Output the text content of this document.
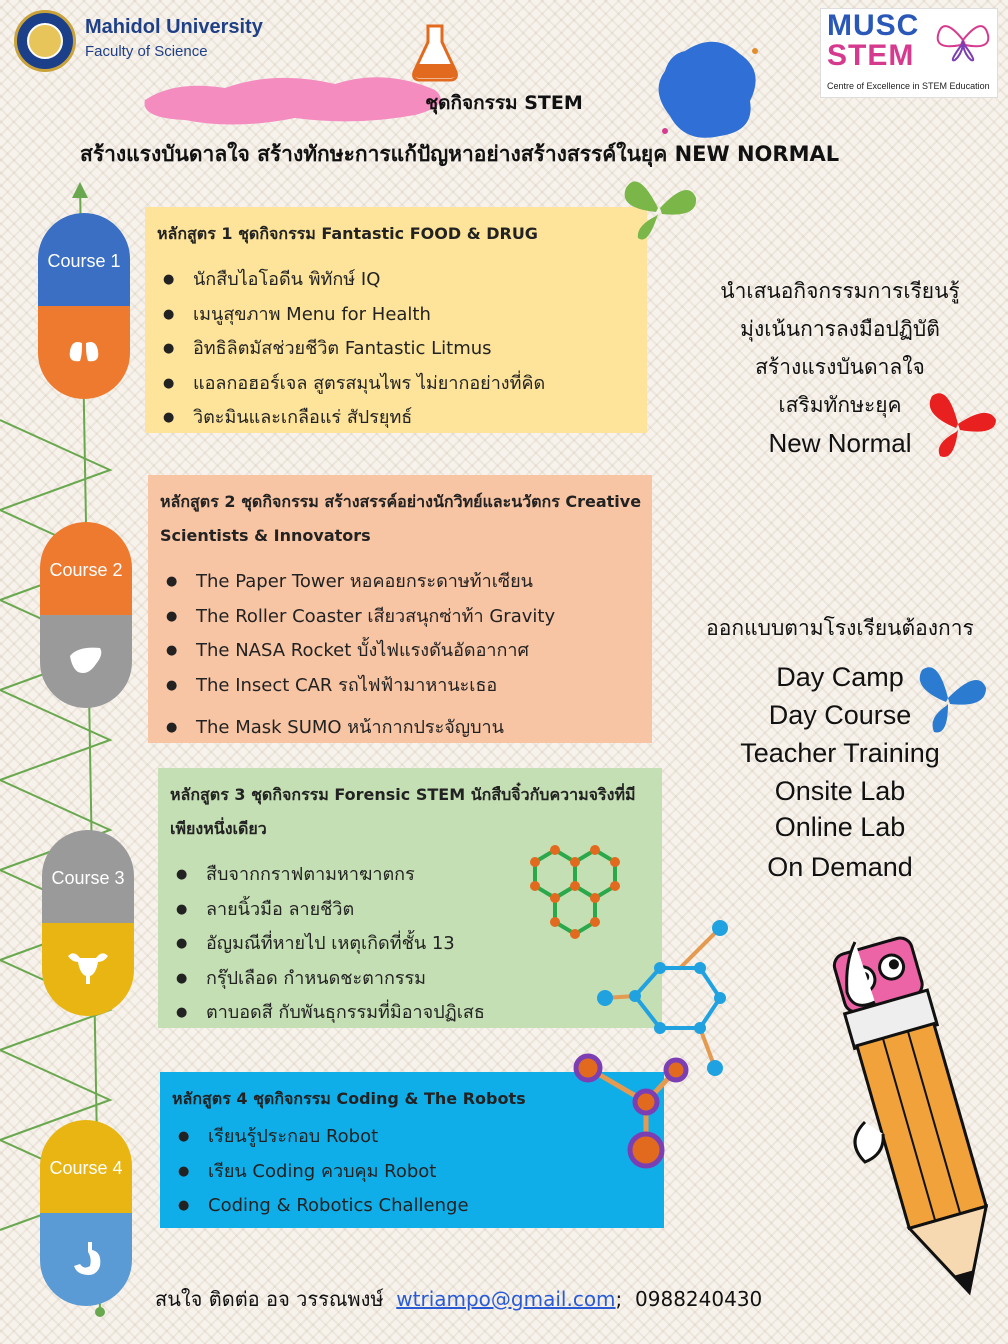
Mahidol University
Faculty of Science
MUSC
STEM
Centre of Excellence in STEM Education
ชุดกิจกรรม STEM
สร้างแรงบันดาลใจ สร้างทักษะการแก้ปัญหาอย่างสร้างสรรค์ในยุค NEW NORMAL
Course 1
Course 2
Course 3
Course 4
หลักสูตร 1 ชุดกิจกรรม Fantastic FOOD & DRUG
● นักสืบไอโอดีน พิทักษ์ IQ
● เมนูสุขภาพ Menu for Health
● อิทธิลิตมัสช่วยชีวิต Fantastic Litmus
● แอลกอฮอร์เจล สูตรสมุนไพร ไม่ยากอย่างที่คิด
● วิตะมินและเกลือแร่ สัปรยุทธ์
หลักสูตร 2 ชุดกิจกรรม สร้างสรรค์อย่างนักวิทย์และนวัตกร Creative Scientists & Innovators
● The Paper Tower หอคอยกระดาษท้าเซียน
● The Roller Coaster เสียวสนุกซ่าท้า Gravity
● The NASA Rocket บั้งไฟแรงดันอัดอากาศ
● The Insect CAR รถไฟฟ้ามาหานะเธอ
● The Mask SUMO หน้ากากประจัญบาน
หลักสูตร 3 ชุดกิจกรรม Forensic STEM นักสืบจิ๋วกับความจริงที่มีเพียงหนึ่งเดียว
● สืบจากกราฟตามหาฆาตกร
● ลายนิ้วมือ ลายชีวิต
● อัญมณีที่หายไป เหตุเกิดที่ชั้น 13
● กรุ๊ปเลือด กำหนดชะตากรรม
● ตาบอดสี กับพันธุกรรมที่มิอาจปฏิเสธ
หลักสูตร 4 ชุดกิจกรรม Coding & The Robots
● เรียนรู้ประกอบ Robot
● เรียน Coding ควบคุม Robot
● Coding & Robotics Challenge
นำเสนอกิจกรรมการเรียนรู้
มุ่งเน้นการลงมือปฏิบัติ
สร้างแรงบันดาลใจ
เสริมทักษะยุค
New Normal
ออกแบบตามโรงเรียนต้องการ
Day Camp
Day Course
Teacher Training
Onsite Lab
Online Lab
On Demand
สนใจ ติดต่อ อจ วรรณพงษ์ wtriampo@gmail.com; 0988240430
